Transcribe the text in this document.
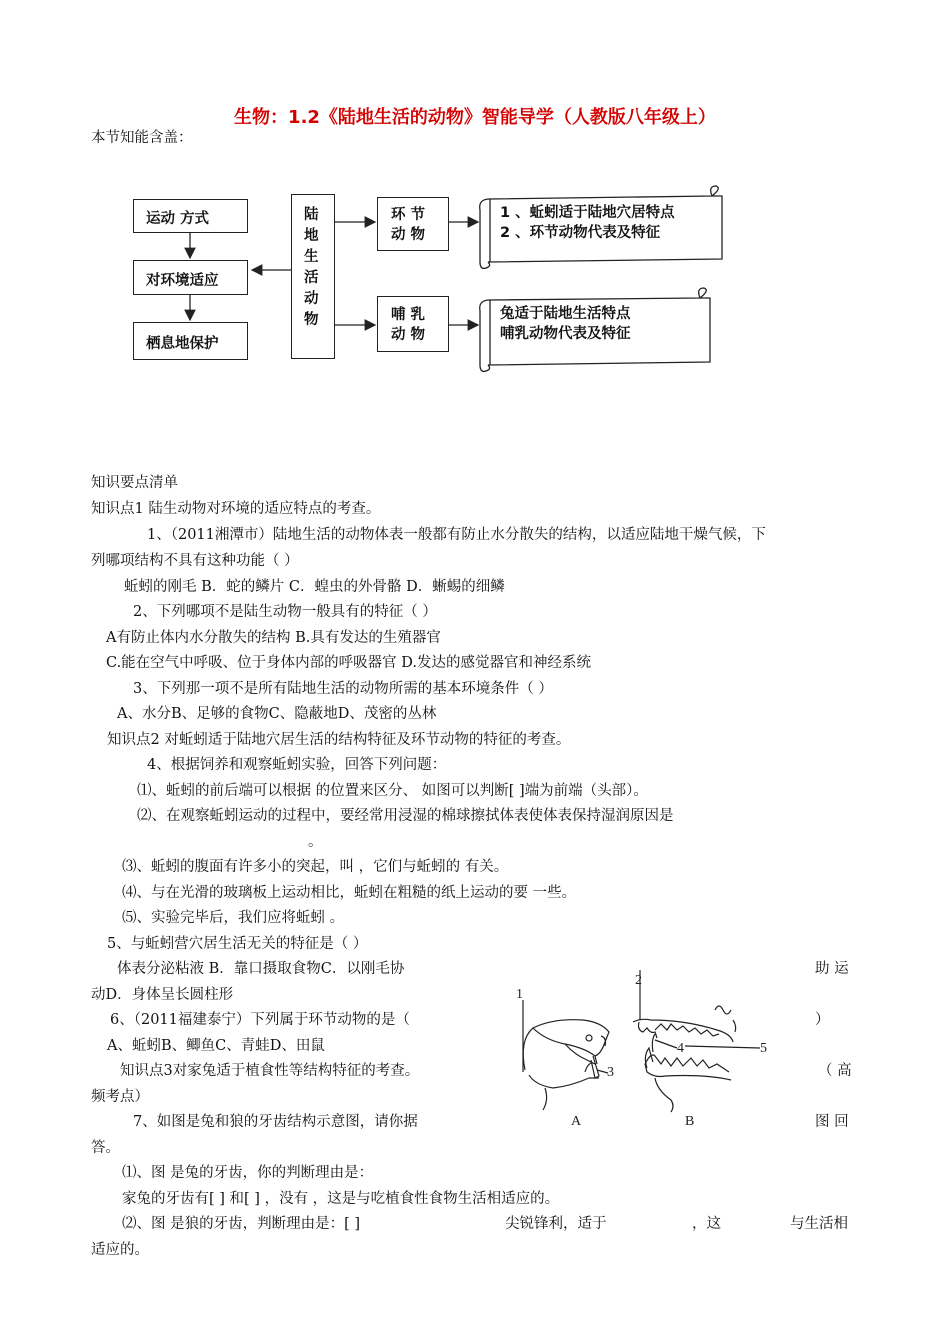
生物：1.2《陆地生活的动物》智能导学（人教版八年级上）
本节知能含盖：
运动 方式
对环境适应
栖息地保护
陆
地
生
活
动
物
环 节
动 物
哺 乳
动 物
1 、蚯蚓适于陆地穴居特点
2 、环节动物代表及特征
兔适于陆地生活特点
哺乳动物代表及特征
知识要点清单
知识点1 陆生动物对环境的适应特点的考查。
1、（2011湘潭市）陆地生活的动物体表一般都有防止水分散失的结构，以适应陆地干燥气候，下
列哪项结构不具有这种功能（ ）
蚯蚓的刚毛 B．蛇的鳞片 C．蝗虫的外骨骼 D．蜥蜴的细鳞
2、下列哪项不是陆生动物一般具有的特征（ ）
A有防止体内水分散失的结构 B.具有发达的生殖器官
C.能在空气中呼吸、位于身体内部的呼吸器官 D.发达的感觉器官和神经系统
3、下列那一项不是所有陆地生活的动物所需的基本环境条件（ ）
A、水分B、足够的食物C、隐蔽地D、茂密的丛林
知识点2 对蚯蚓适于陆地穴居生活的结构特征及环节动物的特征的考查。
4、根据饲养和观察蚯蚓实验，回答下列问题：
⑴、蚯蚓的前后端可以根据 的位置来区分、 如图可以判断[ ]端为前端（头部）。
⑵、在观察蚯蚓运动的过程中，要经常用浸湿的棉球擦拭体表使体表保持湿润原因是
。
⑶、蚯蚓的腹面有许多小的突起，叫 ，它们与蚯蚓的 有关。
⑷、与在光滑的玻璃板上运动相比，蚯蚓在粗糙的纸上运动的要 一些。
⑸、实验完毕后，我们应将蚯蚓 。
5、与蚯蚓营穴居生活无关的特征是（ ）
体表分泌粘液 B．靠口摄取食物C．以刚毛协	助 运
动D．身体呈长圆柱形
6、（2011福建泰宁）下列属于环节动物的是（	）
A、蚯蚓B、鲫鱼C、青蛙D、田鼠
知识点3对家兔适于植食性等结构特征的考查。	（ 高
频考点）
7、如图是兔和狼的牙齿结构示意图，请你据	图 回
答。
⑴、图 是兔的牙齿，你的判断理由是：
家兔的牙齿有[ ] 和[ ] ，没有 ，这是与吃植食性食物生活相适应的。
⑵、图 是狼的牙齿，判断理由是：[ ]	尖锐锋利，适于	，这	与生活相
适应的。
1
2
3
4	5
A	B
